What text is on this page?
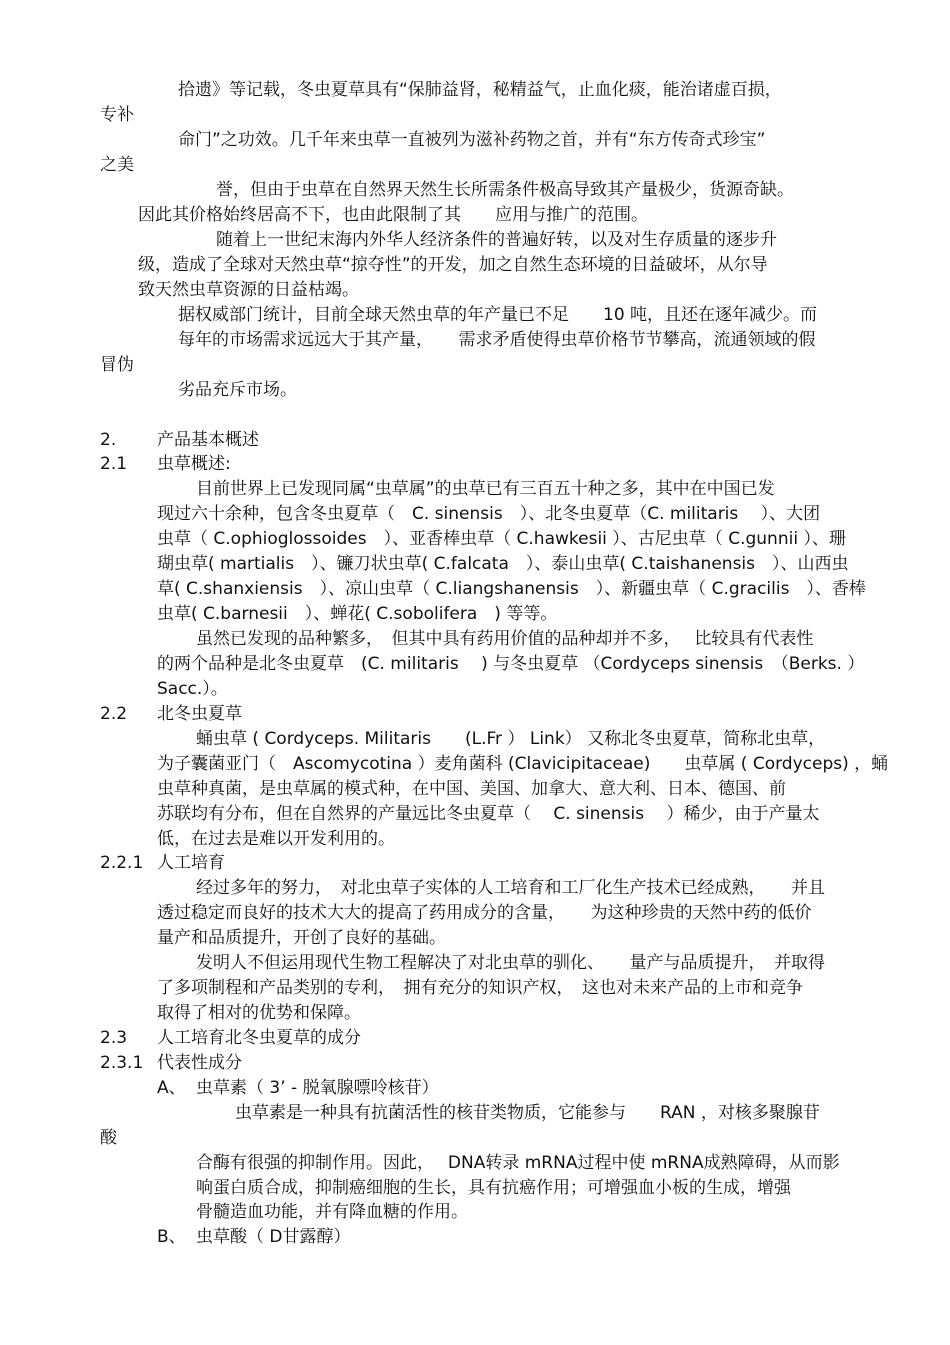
拾遗》等记载，冬虫夏草具有“保肺益肾，秘精益气，止血化痰，能治诸虚百损，
专补
命门”之功效。几千年来虫草一直被列为滋补药物之首，并有“东方传奇式珍宝”
之美
誉，但由于虫草在自然界天然生长所需条件极高导致其产量极少，货源奇缺。
因此其价格始终居高不下，也由此限制了其　　应用与推广的范围。
随着上一世纪末海内外华人经济条件的普遍好转，以及对生存质量的逐步升
级，造成了全球对天然虫草“掠夺性”的开发，加之自然生态环境的日益破坏，从尔导
致天然虫草资源的日益枯竭。
据权威部门统计，目前全球天然虫草的年产量已不足　　10 吨，且还在逐年减少。而
每年的市场需求远远大于其产量，　　需求矛盾使得虫草价格节节攀高，流通领域的假
冒伪
劣品充斥市场。
2. 产品基本概述
2.1 虫草概述:
目前世界上已发现同属“虫草属”的虫草已有三百五十种之多，其中在中国已发
现过六十余种，包含冬虫夏草（　C. sinensis　）、北冬虫夏草（C. militaris　 ）、大团
虫草（ C.ophioglossoides　）、亚香棒虫草（ C.hawkesii ）、古尼虫草（ C.gunnii ）、珊
瑚虫草( martialis　）、镰刀状虫草( C.falcata　）、泰山虫草( C.taishanensis　）、山西虫
草( C.shanxiensis　）、凉山虫草（ C.liangshanensis　）、新疆虫草（ C.gracilis　）、香棒
虫草( C.barnesii　）、蝉花( C.sobolifera　) 等等。
虽然已发现的品种繁多，　但其中具有药用价值的品种却并不多，　 比较具有代表性
的两个品种是北冬虫夏草　(C. militaris　 ) 与冬虫夏草 （Cordyceps sinensis　（Berks. ）
Sacc.）。
2.2 北冬虫夏草
蛹虫草 ( Cordyceps. Militaris　　(L.Fr ） Link） 又称北冬虫夏草，简称北虫草，
为子囊菌亚门（　Ascomycotina ）麦角菌科 (Clavicipitaceae)　　虫草属 ( Cordyceps) ，蛹
虫草种真菌，是虫草属的模式种，在中国、美国、加拿大、意大利、日本、德国、前
苏联均有分布，但在自然界的产量远比冬虫夏草（　 C. sinensis　 ）稀少，由于产量太
低，在过去是难以开发利用的。
2.2.1 人工培育
经过多年的努力，　对北虫草子实体的人工培育和工厂化生产技术已经成熟，　　并且
透过稳定而良好的技术大大的提高了药用成分的含量，　　为这种珍贵的天然中药的低价
量产和品质提升，开创了良好的基础。
发明人不但运用现代生物工程解决了对北虫草的驯化、　　量产与品质提升，　并取得
了多项制程和产品类别的专利，　拥有充分的知识产权，　这也对未来产品的上市和竞争
取得了相对的优势和保障。
2.3 人工培育北冬虫夏草的成分
2.3.1 代表性成分
A、 虫草素（ 3’ - 脱氧腺嘌呤核苷）
虫草素是一种具有抗菌活性的核苷类物质，它能参与　　RAN ，对核多聚腺苷
酸
合酶有很强的抑制作用。因此，　 DNA转录 mRNA过程中使 mRNA成熟障碍，从而影
响蛋白质合成，抑制癌细胞的生长，具有抗癌作用；可增强血小板的生成，增强
骨髓造血功能，并有降血糖的作用。
B、 虫草酸（ D甘露醇）
